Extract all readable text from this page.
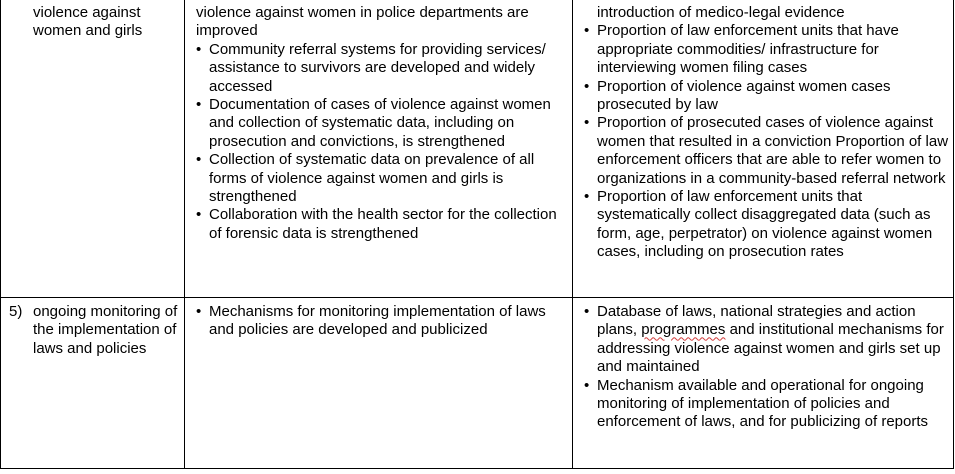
violence against women and girls

violence against women in police departments are improved

• Community referral systems for providing services/ assistance to survivors are developed and widely accessed
• Documentation of cases of violence against women and collection of systematic data, including on prosecution and convictions, is strengthened
• Collection of systematic data on prevalence of all forms of violence against women and girls is strengthened
• Collaboration with the health sector for the collection of forensic data is strengthened

introduction of medico-legal evidence

• Proportion of law enforcement units that have appropriate commodities/ infrastructure for interviewing women filing cases
• Proportion of violence against women cases prosecuted by law
• Proportion of prosecuted cases of violence against women that resulted in a conviction Proportion of law enforcement officers that are able to refer women to organizations in a community-based referral network
• Proportion of law enforcement units that systematically collect disaggregated data (such as form, age, perpetrator) on violence against women cases, including on prosecution rates
5) ongoing monitoring of the implementation of laws and policies

• Mechanisms for monitoring implementation of laws and policies are developed and publicized
• Database of laws, national strategies and action plans, programmes and institutional mechanisms for addressing violence against women and girls set up and maintained
• Mechanism available and operational for ongoing monitoring of implementation of policies and enforcement of laws, and for publicizing of reports
